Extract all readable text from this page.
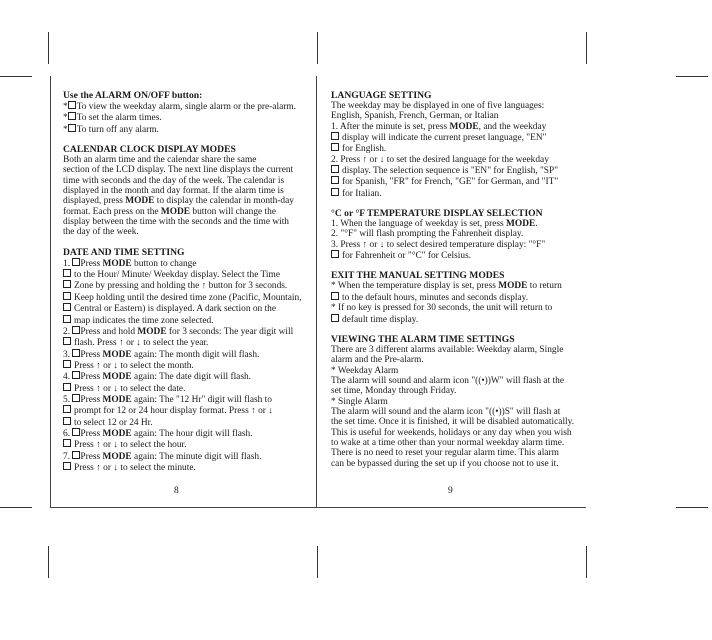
Use the ALARM ON/OFF button:

* To view the weekday alarm, single alarm or the pre-alarm.

* To set the alarm times.

* To turn off any alarm.

CALENDAR CLOCK DISPLAY MODES

Both an alarm time and the calendar share the same

section of the LCD display. The next line displays the current

time with seconds and the day of the week. The calendar is

displayed in the month and day format. If the alarm time is

displayed, press MODE to display the calendar in month-day

format. Each press on the MODE button will change the

display between the time with the seconds and the time with

the day of the week.

DATE AND TIME SETTING

1. Press MODE button to change

to the Hour/ Minute/ Weekday display. Select the Time

Zone by pressing and holding the ↑ button for 3 seconds.

Keep holding until the desired time zone (Pacific, Mountain,

Central or Eastern) is displayed. A dark section on the

map indicates the time zone selected.

2. Press and hold MODE for 3 seconds: The year digit will

flash. Press ↑ or ↓ to select the year.

3. Press MODE again: The month digit will flash.

Press ↑ or ↓ to select the month.

4. Press MODE again: The date digit will flash.

Press ↑ or ↓ to select the date.

5. Press MODE again: The "12 Hr" digit will flash to

prompt for 12 or 24 hour display format. Press ↑ or ↓

to select 12 or 24 Hr.

6. Press MODE again: The hour digit will flash.

Press ↑ or ↓ to select the hour.

7. Press MODE again: The minute digit will flash.

Press ↑ or ↓ to select the minute.

8
LANGUAGE SETTING

The weekday may be displayed in one of five languages:

English, Spanish, French, German, or Italian

1. After the minute is set, press MODE, and the weekday

display will indicate the current preset language, "EN"

for English.

2. Press ↑ or ↓ to set the desired language for the weekday

display. The selection sequence is "EN" for English, "SP"

for Spanish, "FR" for French, "GE" for German, and "IT"

for Italian.

°C or °F TEMPERATURE DISPLAY SELECTION

1. When the language of weekday is set, press MODE.

2. "°F" will flash prompting the Fahrenheit display.

3. Press ↑ or ↓ to select desired temperature display: "°F"

for Fahrenheit or "°C" for Celsius.

EXIT THE MANUAL SETTING MODES

* When the temperature display is set, press MODE to return

to the default hours, minutes and seconds display.

* If no key is pressed for 30 seconds, the unit will return to

default time display.

VIEWING THE ALARM TIME SETTINGS

There are 3 different alarms available: Weekday alarm, Single

alarm and the Pre-alarm.

* Weekday Alarm

The alarm will sound and alarm icon "((•))W" will flash at the

set time, Monday through Friday.

* Single Alarm

The alarm will sound and the alarm icon "((•))S" will flash at

the set time. Once it is finished, it will be disabled automatically.

This is useful for weekends, holidays or any day when you wish

to wake at a time other than your normal weekday alarm time.

There is no need to reset your regular alarm time. This alarm

can be bypassed during the set up if you choose not to use it.

9
